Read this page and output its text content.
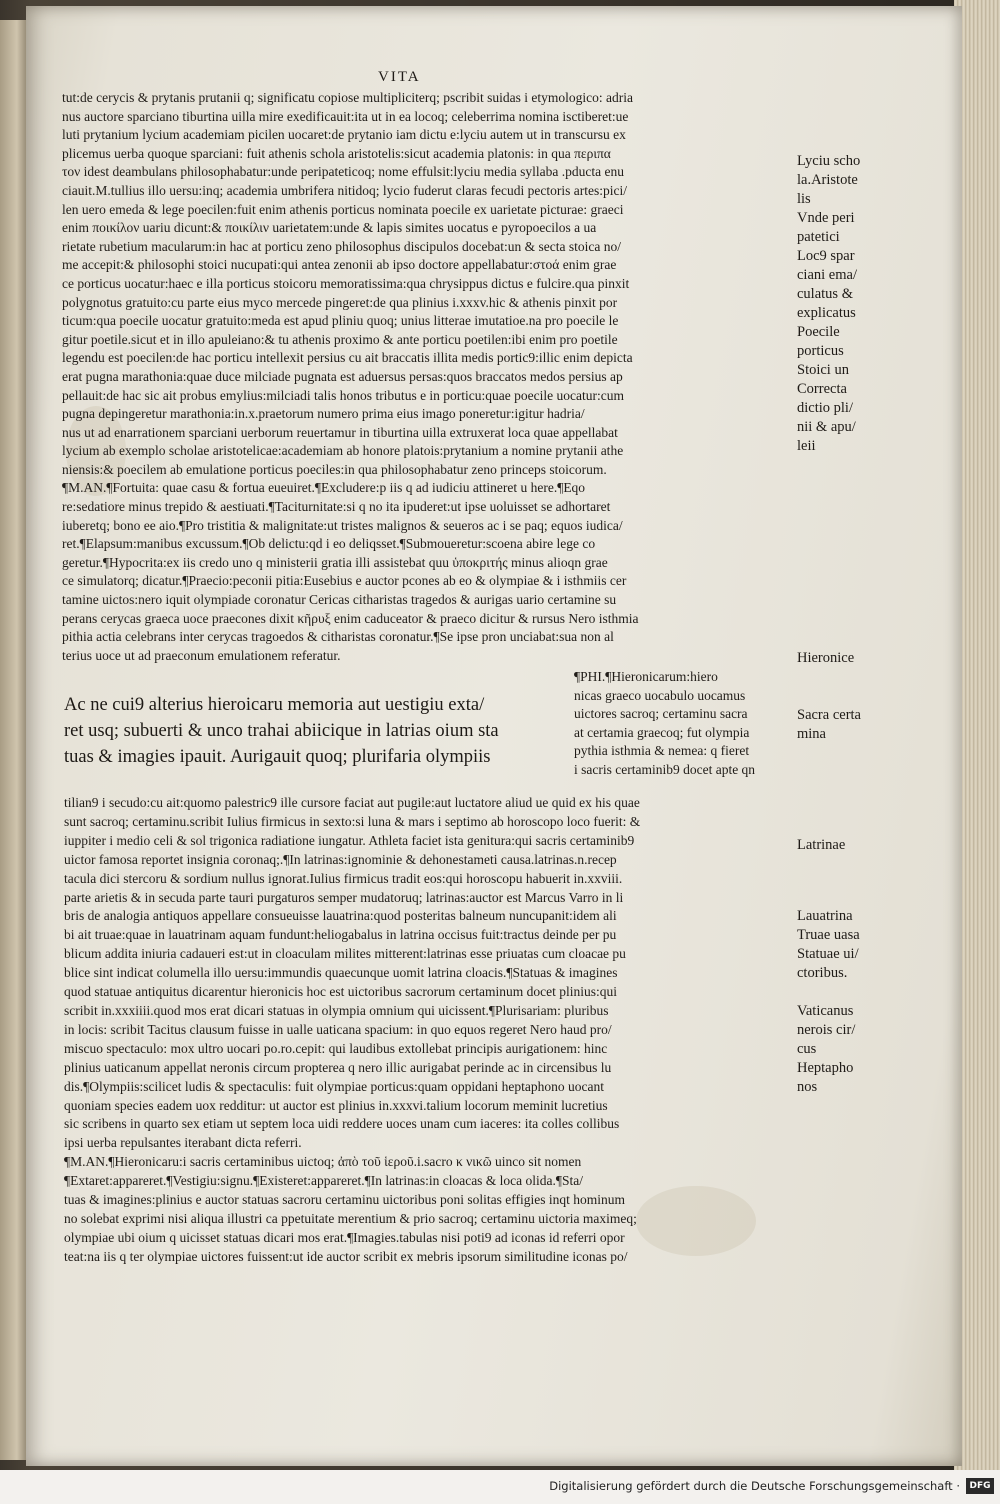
VITA

tut:de cerycis & prytanis prutanii q; significatu copiose multipliciterq; pscribit suidas i etymologico: adria

nus auctore sparciano tiburtina uilla mire exedificauit:ita ut in ea locoq; celeberrima nomina isctiberet:ue

luti prytanium lycium academiam picilen uocaret:de prytanio iam dictu e:lyciu autem ut in transcursu ex

plicemus uerba quoque sparciani: fuit athenis schola aristotelis:sicut academia platonis: in qua περιπα

τον idest deambulans philosophabatur:unde peripateticoq; nome effulsit:lyciu media syllaba .pducta enu

ciauit.M.tullius illo uersu:inq; academia umbrifera nitidoq; lycio fuderut claras fecudi pectoris artes:pici/

len uero emeda & lege poecilen:fuit enim athenis porticus nominata poecile ex uarietate picturae: graeci

enim ποικίλον uariu dicunt:& ποικίλιν uarietatem:unde & lapis simites uocatus e pyropoecilos a ua

rietate rubetium macularum:in hac at porticu zeno philosophus discipulos docebat:un & secta stoica no/

me accepit:& philosophi stoici nucupati:qui antea zenonii ab ipso doctore appellabatur:στοά enim grae

ce porticus uocatur:haec e illa porticus stoicoru memoratissima:qua chrysippus dictus e fulcire.qua pinxit

polygnotus gratuito:cu parte eius myco mercede pingeret:de qua plinius i.xxxv.hic & athenis pinxit por

ticum:qua poecile uocatur gratuito:meda est apud pliniu quoq; unius litterae imutatioe.na pro poecile le

gitur poetile.sicut et in illo apuleiano:& tu athenis proximo & ante porticu poetilen:ibi enim pro poetile

legendu est poecilen:de hac porticu intellexit persius cu ait braccatis illita medis portic9:illic enim depicta

erat pugna marathonia:quae duce milciade pugnata est aduersus persas:quos braccatos medos persius ap

pellauit:de hac sic ait probus emylius:milciadi talis honos tributus e in porticu:quae poecile uocatur:cum

pugna depingeretur marathonia:in.x.praetorum numero prima eius imago poneretur:igitur hadria/

nus ut ad enarrationem sparciani uerborum reuertamur in tiburtina uilla extruxerat loca quae appellabat

lycium ab exemplo scholae aristotelicae:academiam ab honore platois:prytanium a nomine prytanii athe

niensis:& poecilem ab emulatione porticus poeciles:in qua philosophabatur zeno princeps stoicorum.

¶M.AN.¶Fortuita: quae casu & fortua eueuiret.¶Excludere:p iis q ad iudiciu attineret u here.¶Eqo

re:sedatiore minus trepido & aestiuati.¶Taciturnitate:si q no ita ipuderet:ut ipse uoluisset se adhortaret

iuberetq; bono ee aio.¶Pro tristitia & malignitate:ut tristes malignos & seueros ac i se paq; equos iudica/

ret.¶Elapsum:manibus excussum.¶Ob delictu:qd i eo deliqsset.¶Submoueretur:scoena abire lege co

geretur.¶Hypocrita:ex iis credo uno q ministerii gratia illi assistebat quu ὑποκριτής minus alioqn grae

ce simulatorq; dicatur.¶Praecio:peconii pitia:Eusebius e auctor pcones ab eo & olympiae & i isthmiis cer

tamine uictos:nero iquit olympiade coronatur Cericas citharistas tragedos & aurigas uario certamine su

perans cerycas graeca uoce praecones dixit κῆρυξ enim caduceator & praeco dicitur & rursus Nero isthmia

pithia actia celebrans inter cerycas tragoedos & citharistas coronatur.¶Se ipse pron unciabat:sua non al

terius uoce ut ad praeconum emulationem referatur.

Ac ne cui9 alterius hieroicaru memoria aut uestigiu exta/

ret usq; subuerti & unco trahai abiicique in latrias oium sta

tuas & imagies ipauit. Aurigauit quoq; plurifaria olympiis

¶PHI.¶Hieronicarum:hiero

nicas graeco uocabulo uocamus

uictores sacroq; certaminu sacra

at certamia graecoq; fut olympia

pythia isthmia & nemea: q fieret

i sacris certaminib9 docet apte qn

tilian9 i secudo:cu ait:quomo palestric9 ille cursore faciat aut pugile:aut luctatore aliud ue quid ex his quae

sunt sacroq; certaminu.scribit Iulius firmicus in sexto:si luna & mars i septimo ab horoscopo loco fuerit: &

iuppiter i medio celi & sol trigonica radiatione iungatur. Athleta faciet ista genitura:qui sacris certaminib9

uictor famosa reportet insignia coronaq;.¶In latrinas:ignominie & dehonestameti causa.latrinas.n.recep

tacula dici stercoru & sordium nullus ignorat.Iulius firmicus tradit eos:qui horoscopu habuerit in.xxviii.

parte arietis & in secuda parte tauri purgaturos semper mudatoruq; latrinas:auctor est Marcus Varro in li

bris de analogia antiquos appellare consueuisse lauatrina:quod posteritas balneum nuncupanit:idem ali

bi ait truae:quae in lauatrinam aquam fundunt:heliogabalus in latrina occisus fuit:tractus deinde per pu

blicum addita iniuria cadaueri est:ut in cloaculam milites mitterent:latrinas esse priuatas cum cloacae pu

blice sint indicat columella illo uersu:immundis quaecunque uomit latrina cloacis.¶Statuas & imagines

quod statuae antiquitus dicarentur hieronicis hoc est uictoribus sacrorum certaminum docet plinius:qui

scribit in.xxxiiii.quod mos erat dicari statuas in olympia omnium qui uicissent.¶Plurisariam: pluribus

in locis: scribit Tacitus clausum fuisse in ualle uaticana spacium: in quo equos regeret Nero haud pro/

miscuo spectaculo: mox ultro uocari po.ro.cepit: qui laudibus extollebat principis aurigationem: hinc

plinius uaticanum appellat neronis circum propterea q nero illic aurigabat perinde ac in circensibus lu

dis.¶Olympiis:scilicet ludis & spectaculis: fuit olympiae porticus:quam oppidani heptaphono uocant

quoniam species eadem uox redditur: ut auctor est plinius in.xxxvi.talium locorum meminit lucretius

sic scribens in quarto sex etiam ut septem loca uidi reddere uoces unam cum iaceres: ita colles collibus

ipsi uerba repulsantes iterabant dicta referri.

¶M.AN.¶Hieronicaru:i sacris certaminibus uictoq; ἀπὸ τοῦ ἱεροῦ.i.sacro κ νικῶ uinco sit nomen

¶Extaret:appareret.¶Vestigiu:signu.¶Existeret:appareret.¶In latrinas:in cloacas & loca olida.¶Sta/

tuas & imagines:plinius e auctor statuas sacroru certaminu uictoribus poni solitas effigies inqt hominum

no solebat exprimi nisi aliqua illustri ca ppetuitate merentium & prio sacroq; certaminu uictoria maximeq;

olympiae ubi oium q uicisset statuas dicari mos erat.¶Imagies.tabulas nisi poti9 ad iconas id referri opor

teat:na iis q ter olympiae uictores fuissent:ut ide auctor scribit ex mebris ipsorum similitudine iconas po/

Lyciu scho
la.Aristote
lis
Vnde peri
patetici
Loc9 spar
ciani ema/
culatus &
explicatus
Poecile
porticus
Stoici un
Correcta
dictio pli/
nii & apu/
leii
Hieronice
Sacra certa
mina
Latrinae
Lauatrina
Truae uasa
Statuae ui/
ctoribus.
Vaticanus
nerois cir/
cus
Heptapho
nos
Digitalisierung gefördert durch die Deutsche Forschungsgemeinschaft ·	DFG
